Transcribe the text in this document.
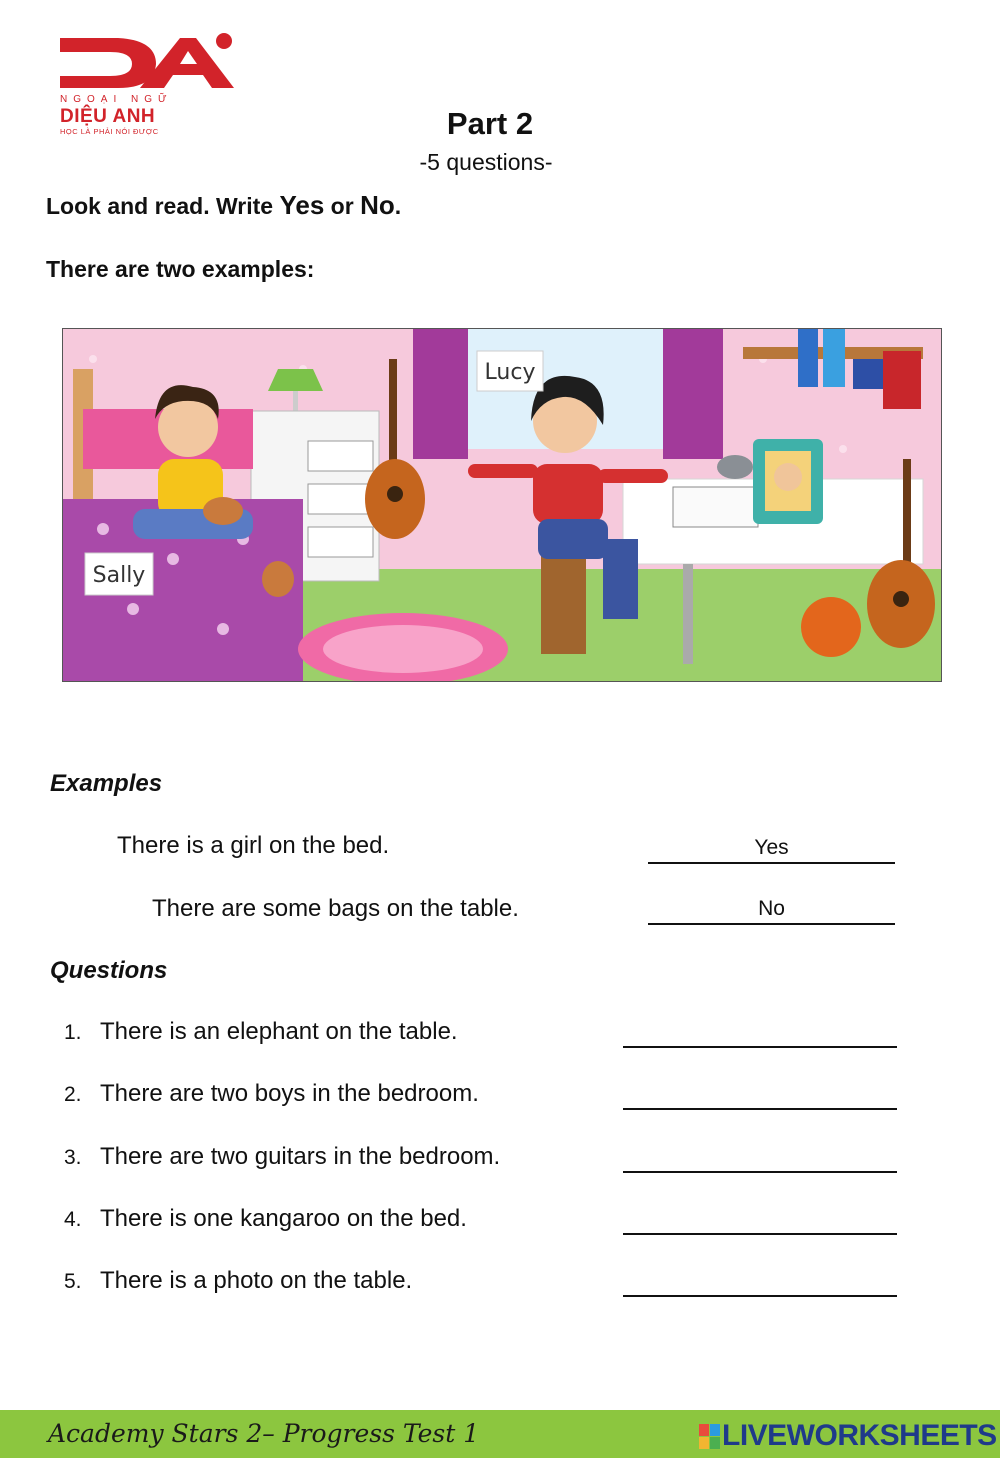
NGOẠI NGỮ
DIỆU ANH
HỌC LÀ PHẢI NÓI ĐƯỢC	Part 2
-5 questions-
Look and read. Write Yes or No.
There are two examples:
Lucy
Sally
Examples
There is a girl on the bed.	Yes
There are some bags on the table.	No
Questions
1. There is an elephant on the table.
2. There are two boys in the bedroom.
3. There are two guitars in the bedroom.
4. There is one kangaroo on the bed.
5. There is a photo on the table.
Academy Stars 2– Progress Test 1	LIVEWORKSHEETS
